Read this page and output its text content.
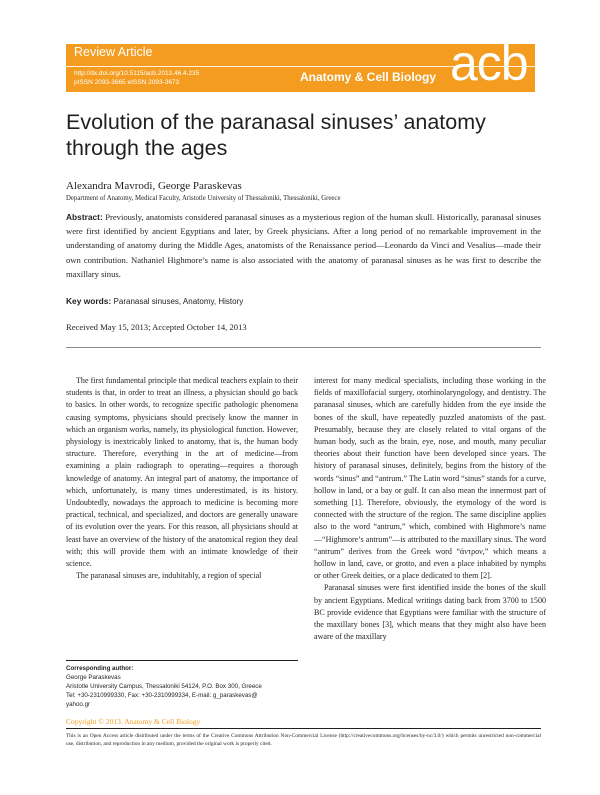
Review Article
http://dx.doi.org/10.5115/acb.2013.46.4.235
pISSN 2093-3665 eISSN 2093-3673	Anatomy & Cell Biology acb
Evolution of the paranasal sinuses’ anatomy through the ages
Alexandra Mavrodi, George Paraskevas
Department of Anatomy, Medical Faculty, Aristotle University of Thessaloniki, Thessaloniki, Greece

Abstract: Previously, anatomists considered paranasal sinuses as a mysterious region of the human skull. Historically, paranasal sinuses were first identified by ancient Egyptians and later, by Greek physicians. After a long period of no remarkable improvement in the understanding of anatomy during the Middle Ages, anatomists of the Renaissance period—Leonardo da Vinci and Vesalius—made their own contribution. Nathaniel Highmore’s name is also associated with the anatomy of paranasal sinuses as he was first to describe the maxillary sinus.

Key words: Paranasal sinuses, Anatomy, History
Received May 15, 2013; Accepted October 14, 2013

The first fundamental principle that medical teachers explain to their students is that, in order to treat an illness, a physician should go back to basics. In other words, to recognize specific pathologic phenomena causing symptoms, physicians should precisely know the manner in which an organism works, namely, its physiological function. However, physiology is inextricably linked to anatomy, that is, the human body structure. Therefore, everything in the art of medicine—from examining a plain radiograph to operating—requires a thorough knowledge of anatomy. An integral part of anatomy, the importance of which, unfortunately, is many times underestimated, is its history. Undoubtedly, nowadays the approach to medicine is becoming more practical, technical, and specialized, and doctors are generally unaware of its evolution over the years. For this reason, all physicians should at least have an overview of the history of the anatomical region they deal with; this will provide them with an intimate knowledge of their science.

The paranasal sinuses are, indubitably, a region of special

interest for many medical specialists, including those working in the fields of maxillofacial surgery, otorhinolaryngology, and dentistry. The paranasal sinuses, which are carefully hidden from the eye inside the bones of the skull, have repeatedly puzzled anatomists of the past. Presumably, because they are closely related to vital organs of the human body, such as the brain, eye, nose, and mouth, many peculiar theories about their function have been developed since years. The history of paranasal sinuses, definitely, begins from the history of the words “sinus” and “antrum.” The Latin word “sinus” stands for a curve, hollow in land, or a bay or gulf. It can also mean the innermost part of something [1]. Therefore, obviously, the etymology of the word is connected with the structure of the region. The same discipline applies also to the word “antrum,” which, combined with Highmore’s name—“Highmore’s antrum”—is attributed to the maxillary sinus. The word “antrum” derives from the Greek word “άντρον,” which means a hollow in land, cave, or grotto, and even a place inhabited by nymphs or other Greek deities, or a place dedicated to them [2].

Paranasal sinuses were first identified inside the bones of the skull by ancient Egyptians. Medical writings dating back from 3700 to 1500 BC provide evidence that Egyptians were familiar with the structure of the maxillary bones [3], which means that they might also have been aware of the maxillary

Corresponding author:
George Paraskevas
Aristotle University Campus, Thessaloniki 54124, P.O. Box 300, Greece
Tel: +30-2310999330, Fax: +30-2310999334, E-mail: g_paraskevas@
yahoo.gr
Copyright © 2013. Anatomy & Cell Biology

This is an Open Access article distributed under the terms of the Creative Commons Attribution Non-Commercial License (http://creativecommons.org/licenses/by-nc/3.0/) which permits unrestricted non-commercial use, distribution, and reproduction in any medium, provided the original work is properly cited.
